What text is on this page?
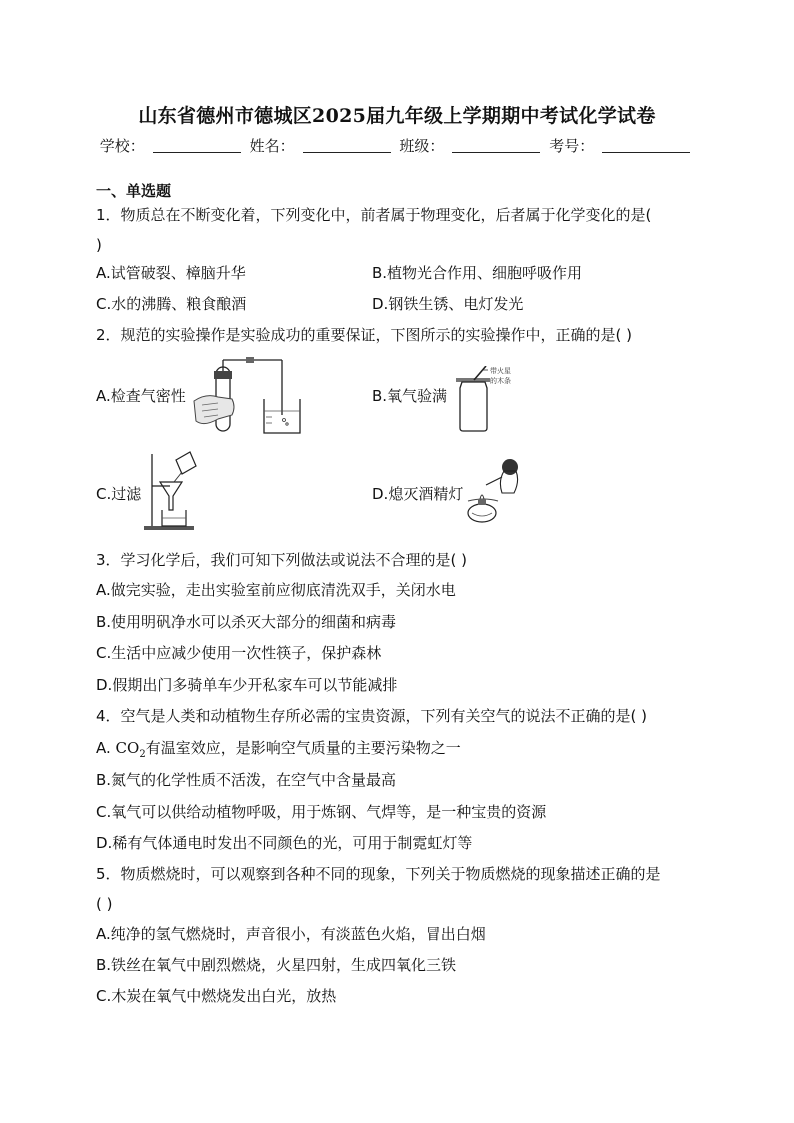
山东省德州市德城区2025届九年级上学期期中考试化学试卷
学校：	姓名：	班级：	考号：
一、单选题
1．物质总在不断变化着，下列变化中，前者属于物理变化，后者属于化学变化的是(
)
A.试管破裂、樟脑升华	B.植物光合作用、细胞呼吸作用
C.水的沸腾、粮食酿酒	D.钢铁生锈、电灯发光
2．规范的实验操作是实验成功的重要保证，下图所示的实验操作中，正确的是( )
A.检查气密性	B.氧气验满
带火星
的木条
C.过滤	D.熄灭酒精灯
3．学习化学后，我们可知下列做法或说法不合理的是( )
A.做完实验，走出实验室前应彻底清洗双手，关闭水电
B.使用明矾净水可以杀灭大部分的细菌和病毒
C.生活中应减少使用一次性筷子，保护森林
D.假期出门多骑单车少开私家车可以节能减排
4．空气是人类和动植物生存所必需的宝贵资源，下列有关空气的说法不正确的是( )
A. $CO_2$有温室效应，是影响空气质量的主要污染物之一
B.氮气的化学性质不活泼，在空气中含量最高
C.氧气可以供给动植物呼吸，用于炼钢、气焊等，是一种宝贵的资源
D.稀有气体通电时发出不同颜色的光，可用于制霓虹灯等
5．物质燃烧时，可以观察到各种不同的现象，下列关于物质燃烧的现象描述正确的是
( )
A.纯净的氢气燃烧时，声音很小，有淡蓝色火焰，冒出白烟
B.铁丝在氧气中剧烈燃烧，火星四射，生成四氧化三铁
C.木炭在氧气中燃烧发出白光，放热
